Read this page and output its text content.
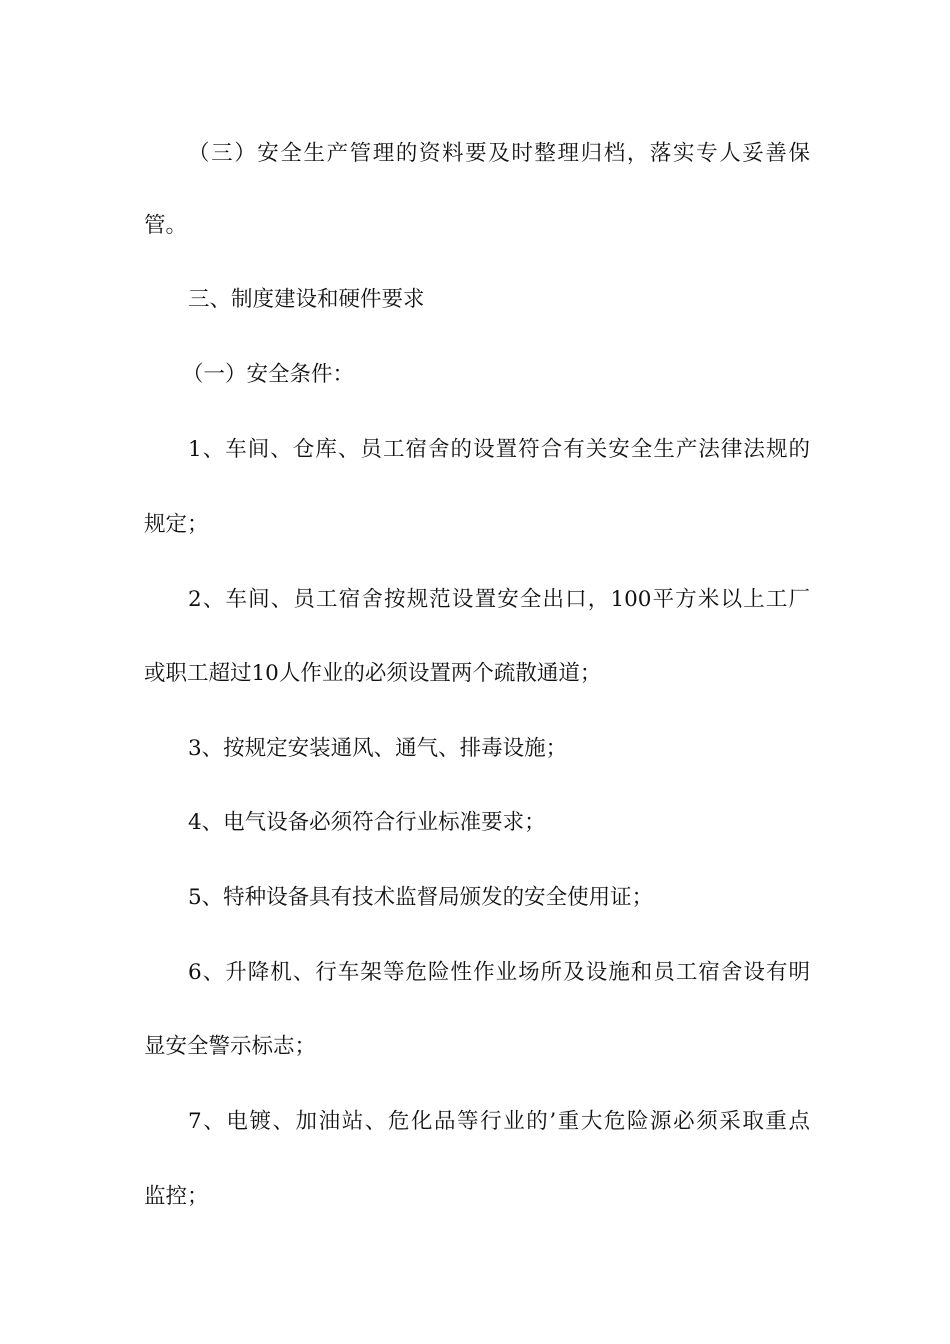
（三）安全生产管理的资料要及时整理归档，落实专人妥善保
管。
三、制度建设和硬件要求
（一）安全条件：
1、车间、仓库、员工宿舍的设置符合有关安全生产法律法规的
规定；
2、车间、员工宿舍按规范设置安全出口，100平方米以上工厂
或职工超过10人作业的必须设置两个疏散通道；
3、按规定安装通风、通气、排毒设施；
4、电气设备必须符合行业标准要求；
5、特种设备具有技术监督局颁发的安全使用证；
6、升降机、行车架等危险性作业场所及设施和员工宿舍设有明
显安全警示标志；
7、电镀、加油站、危化品等行业的’重大危险源必须采取重点
监控；
